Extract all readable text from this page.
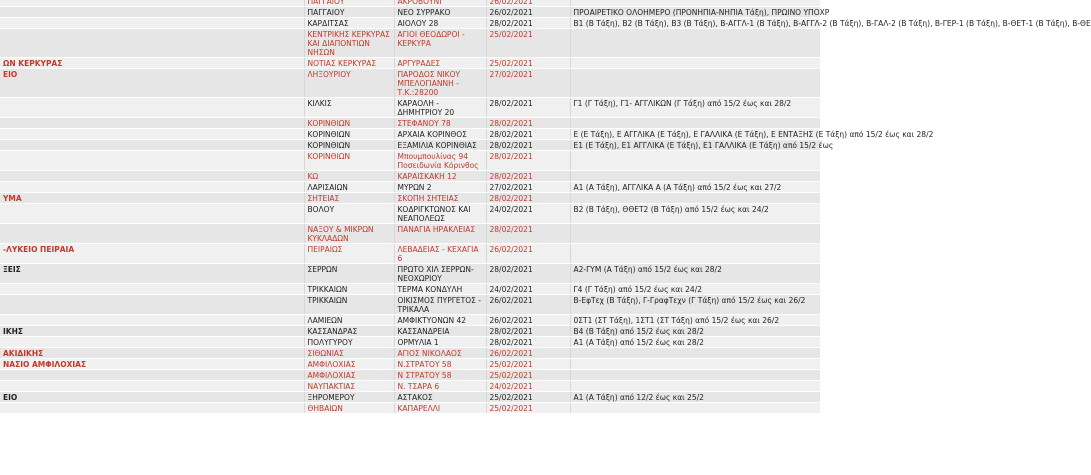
	ΠΑΓΓΑΙΟΥ	ΑΚΡΟΒΟΥΝΙ	26/02/2021	
	ΠΑΓΓΑΙΟΥ	ΝΕΟ ΣΥΡΡΑΚΟ	26/02/2021	ΠΡΟΑΙΡΕΤΙΚΟ ΟΛΟΗΜΕΡΟ (ΠΡΟΝΗΠΙΑ-ΝΗΠΙΑ Τάξη), ΠΡΩΙΝΟ ΥΠΟΧΡ
	ΚΑΡΔΙΤΣΑΣ	ΑΙΟΛΟΥ 28	28/02/2021	Β1 (Β Τάξη), Β2 (Β Τάξη), Β3 (Β Τάξη), Β-ΑΓΓΛ-1 (Β Τάξη), Β-ΑΓΓΛ-2 (Β Τάξη), Β-ΓΑΛ-2 (Β Τάξη), Β-ΓΕΡ-1 (Β Τάξη), Β-ΘΕΤ-1 (Β Τάξη), Β-ΘΕ
	ΚΕΝΤΡΙΚΗΣ ΚΕΡΚΥΡΑΣ ΚΑΙ ΔΙΑΠΟΝΤΙΩΝ ΝΗΣΩΝ	ΑΓΙΟΙ ΘΕΟΔΩΡΟΙ - ΚΕΡΚΥΡΑ	25/02/2021	
ΩΝ ΚΕΡΚΥΡΑΣ	ΝΟΤΙΑΣ ΚΕΡΚΥΡΑΣ	ΑΡΓΥΡΑΔΕΣ	25/02/2021	
ΕΙΟ	ΛΗΞΟΥΡΙΟΥ	ΠΑΡΟΔΟΣ ΝΙΚΟΥ ΜΠΕΛΟΓΙΑΝΝΗ - Τ.Κ.:28200	27/02/2021	
	ΚΙΛΚΙΣ	ΚΑΡΑΟΛΗ - ΔΗΜΗΤΡΙΟΥ 20	28/02/2021	Γ1 (Γ Τάξη), Γ1- ΑΓΓΛΙΚΩΝ (Γ Τάξη) από 15/2 έως και 28/2
	ΚΟΡΙΝΘΙΩΝ	ΣΤΕΦΑΝΟΥ 78	28/02/2021	
	ΚΟΡΙΝΘΙΩΝ	ΑΡΧΑΙΑ ΚΟΡΙΝΘΟΣ	28/02/2021	Ε (Ε Τάξη), Ε ΑΓΓΛΙΚΑ (Ε Τάξη), Ε ΓΑΛΛΙΚΑ (Ε Τάξη), Ε ΕΝΤΑΞΗΣ (Ε Τάξη) από 15/2 έως και 28/2
	ΚΟΡΙΝΘΙΩΝ	ΕΞΑΜΙΛΙΑ ΚΟΡΙΝΘΙΑΣ	28/02/2021	Ε1 (Ε Τάξη), Ε1 ΑΓΓΛΙΚΑ (Ε Τάξη), Ε1 ΓΑΛΛΙΚΑ (Ε Τάξη) από 15/2 έως
	ΚΟΡΙΝΘΙΩΝ	Μπουμπουλίνας 94 Ποσειδωνία Κόρινθος	28/02/2021	
	ΚΩ	ΚΑΡΑΙΣΚΑΚΗ 12	28/02/2021	
	ΛΑΡΙΣΑΙΩΝ	ΜΥΡΩΝ 2	27/02/2021	Α1 (Α Τάξη), ΑΓΓΛΙΚΑ Α (Α Τάξη) από 15/2 έως και 27/2
ΥΜΑ	ΣΗΤΕΙΑΣ	ΣΚΟΠΗ ΣΗΤΕΙΑΣ	28/02/2021	
	ΒΟΛΟΥ	ΚΟΔΡΙΓΚΤΩΝΟΣ ΚΑΙ ΝΕΑΠΟΛΕΩΣ	24/02/2021	Β2 (Β Τάξη), ΘΘΕΤ2 (Β Τάξη) από 15/2 έως και 24/2
	ΝΑΞΟΥ & ΜΙΚΡΩΝ ΚΥΚΛΑΔΩΝ	ΠΑΝΑΓΙΑ ΗΡΑΚΛΕΙΑΣ	28/02/2021	
-ΛΥΚΕΙΟ ΠΕΙΡΑΙΑ	ΠΕΙΡΑΙΩΣ	ΛΕΒΑΔΕΙΑΣ - ΚΕΧΑΓΙΑ 6	26/02/2021	
ΞΕΙΣ	ΣΕΡΡΩΝ	ΠΡΩΤΟ ΧΙΛ ΣΕΡΡΩΝ-ΝΕΟΧΩΡΙΟΥ	28/02/2021	Α2-ΓΥΜ (Α Τάξη) από 15/2 έως και 28/2
	ΤΡΙΚΚΑΙΩΝ	ΤΕΡΜΑ ΚΟΝΔΥΛΗ	24/02/2021	Γ4 (Γ Τάξη) από 15/2 έως και 24/2
	ΤΡΙΚΚΑΙΩΝ	ΟΙΚΙΣΜΟΣ ΠΥΡΓΕΤΟΣ - ΤΡΙΚΑΛΑ	26/02/2021	Β-ΕφΤεχ (Β Τάξη), Γ-ΓραφΤεχν (Γ Τάξη) από 15/2 έως και 26/2
	ΛΑΜΙΕΩΝ	ΑΜΦΙΚΤΥΟΝΩΝ 42	26/02/2021	0ΣΤ1 (ΣΤ Τάξη), 1ΣΤ1 (ΣΤ Τάξη) από 15/2 έως και 26/2
ΙΚΗΣ	ΚΑΣΣΑΝΔΡΑΣ	ΚΑΣΣΑΝΔΡΕΙΑ	28/02/2021	Β4 (Β Τάξη) από 15/2 έως και 28/2
	ΠΟΛΥΓΥΡΟΥ	ΟΡΜΥΛΙΑ 1	28/02/2021	Α1 (Α Τάξη) από 15/2 έως και 28/2
ΑΚΙΔΙΚΗΣ	ΣΙΘΩΝΙΑΣ	ΑΓΙΟΣ ΝΙΚΟΛΑΟΣ	26/02/2021	
ΝΑΣΙΟ ΑΜΦΙΛΟΧΙΑΣ	ΑΜΦΙΛΟΧΙΑΣ	Ν.ΣΤΡΑΤΟΥ 58	25/02/2021	
	ΑΜΦΙΛΟΧΙΑΣ	Ν ΣΤΡΑΤΟΥ 58	25/02/2021	
	ΝΑΥΠΑΚΤΙΑΣ	Ν. ΤΣΑΡΑ 6	24/02/2021	
ΕΙΟ	ΞΗΡΟΜΕΡΟΥ	ΑΣΤΑΚΟΣ	25/02/2021	Α1 (Α Τάξη) από 12/2 έως και 25/2
	ΘΗΒΑΙΩΝ	ΚΑΠΑΡΕΛΛΙ	25/02/2021	
